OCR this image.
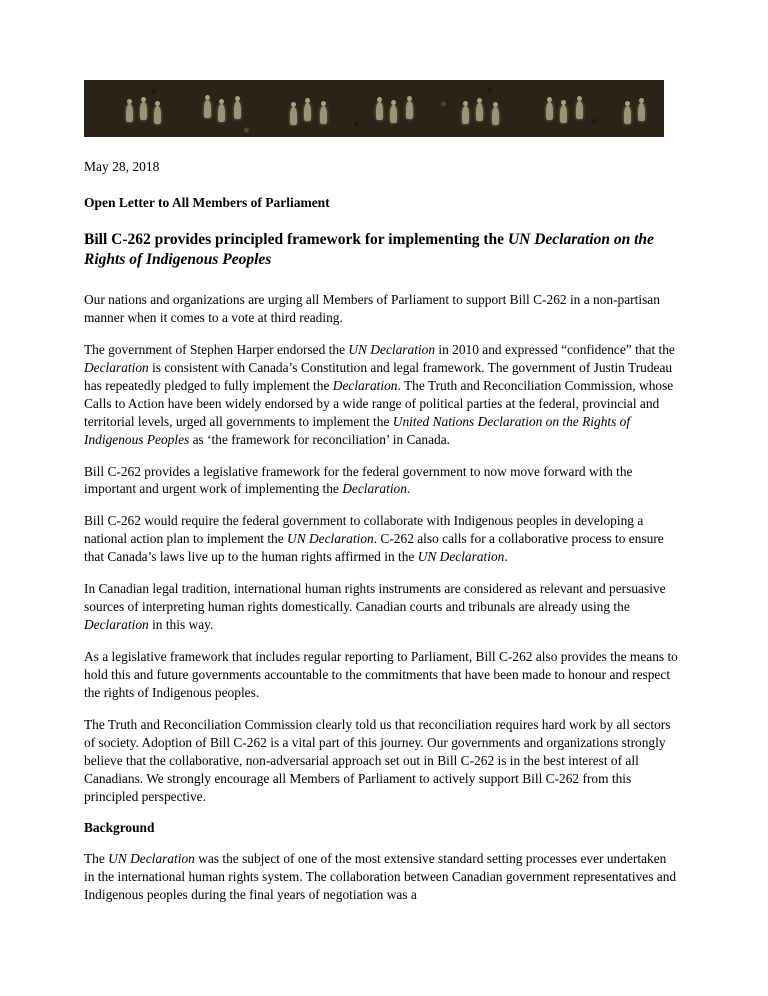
May 28, 2018
Open Letter to All Members of Parliament
Bill C-262 provides principled framework for implementing the UN Declaration on the Rights of Indigenous Peoples

Our nations and organizations are urging all Members of Parliament to support Bill C-262 in a non-partisan manner when it comes to a vote at third reading.

The government of Stephen Harper endorsed the UN Declaration in 2010 and expressed “confidence” that the Declaration is consistent with Canada’s Constitution and legal framework. The government of Justin Trudeau has repeatedly pledged to fully implement the Declaration. The Truth and Reconciliation Commission, whose Calls to Action have been widely endorsed by a wide range of political parties at the federal, provincial and territorial levels, urged all governments to implement the United Nations Declaration on the Rights of Indigenous Peoples as ‘the framework for reconciliation’ in Canada.

Bill C-262 provides a legislative framework for the federal government to now move forward with the important and urgent work of implementing the Declaration.

Bill C-262 would require the federal government to collaborate with Indigenous peoples in developing a national action plan to implement the UN Declaration. C-262 also calls for a collaborative process to ensure that Canada’s laws live up to the human rights affirmed in the UN Declaration.

In Canadian legal tradition, international human rights instruments are considered as relevant and persuasive sources of interpreting human rights domestically. Canadian courts and tribunals are already using the Declaration in this way.

As a legislative framework that includes regular reporting to Parliament, Bill C-262 also provides the means to hold this and future governments accountable to the commitments that have been made to honour and respect the rights of Indigenous peoples.

The Truth and Reconciliation Commission clearly told us that reconciliation requires hard work by all sectors of society. Adoption of Bill C-262 is a vital part of this journey. Our governments and organizations strongly believe that the collaborative, non-adversarial approach set out in Bill C-262 is in the best interest of all Canadians. We strongly encourage all Members of Parliament to actively support Bill C-262 from this principled perspective.

Background

The UN Declaration was the subject of one of the most extensive standard setting processes ever undertaken in the international human rights system. The collaboration between Canadian government representatives and Indigenous peoples during the final years of negotiation was a
